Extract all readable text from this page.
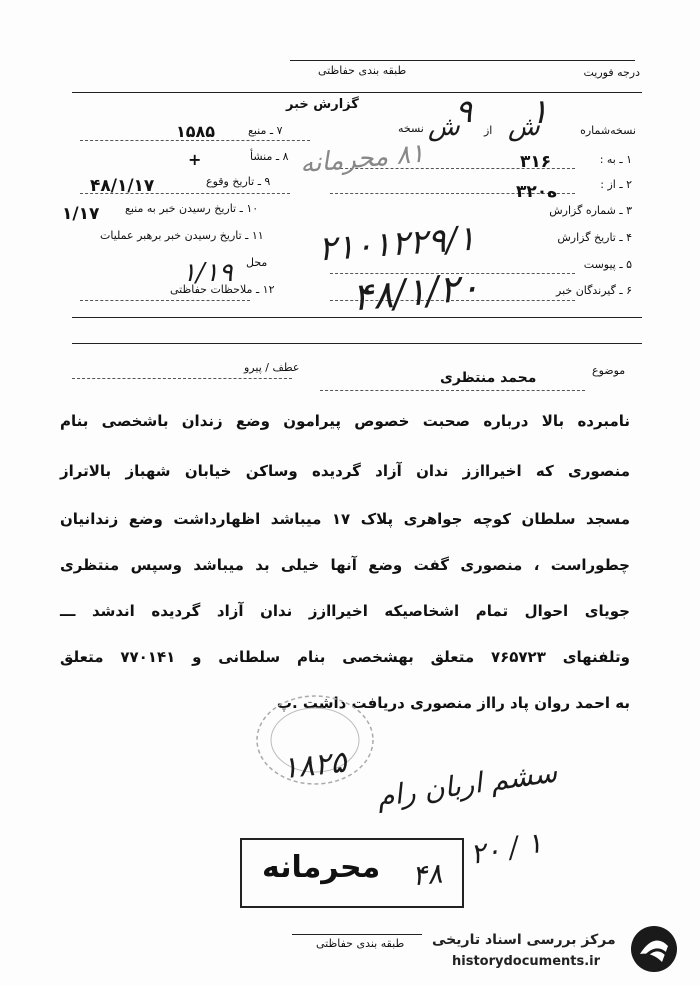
طبقه بندی حفاظتی	درجه فوریت
گزارش خبر
نسخه‌شماره
از
نسخه
۱ ـ به :
۲ ـ از :
۳ ـ شماره گزارش
۴ ـ تاریخ گزارش
۵ ـ پیوست
۶ ـ گیرندگان خبر
۷ ـ منبع
۸ ـ منشأ
۹ ـ تاریخ وقوع
۱۰ ـ تاریخ رسیدن خبر به منبع
۱۱ ـ تاریخ رسیدن خبر برهبر عملیات
محل
۱۲ ـ ملاحظات حفاظتی
۱
ش
۹
ش
۱۵۸۵
+
۴۸/۱/۱۷
۱/۱۷
۱/۱۹
۳۱۶
۳ه۲۰
۸۱ محرمانه
۲۱۰۱۲۲۹/۱
۴۸/۱/۲۰
موضوع
عطف / پیرو
محمد منتظری
نامبرده بالا درباره صحبت خصوص پیرامون وضع زندان باشخصی بنام
منصوری که اخیراازز ندان آزاد گردیده وساکن خیابان شهباز بالاتراز
مسجد سلطان کوچه جواهری پلاک ۱۷ میباشد اظهارداشت وضع زندانیان
چطوراست ، منصوری گفت وضع آنها خیلی بد میباشد وسپس منتظری
جویای احوال تمام اشخاصیکه اخیراازز ندان آزاد گردیده اندشد ـــ
وتلفنهای ۷۶۵۷۲۳ متعلق بهشخصی بنام سلطانی و ۷۷۰۱۴۱ متعلق
به احمد روان پاد رااز منصوری دریافت داشت .پ
۱۸۲۵ سشم اربان رام
محرمانه	۲۰ / ۱
۴۸
طبقه بندی حفاظتی مرکز بررسی اسناد تاریخی
historydocuments.ir
